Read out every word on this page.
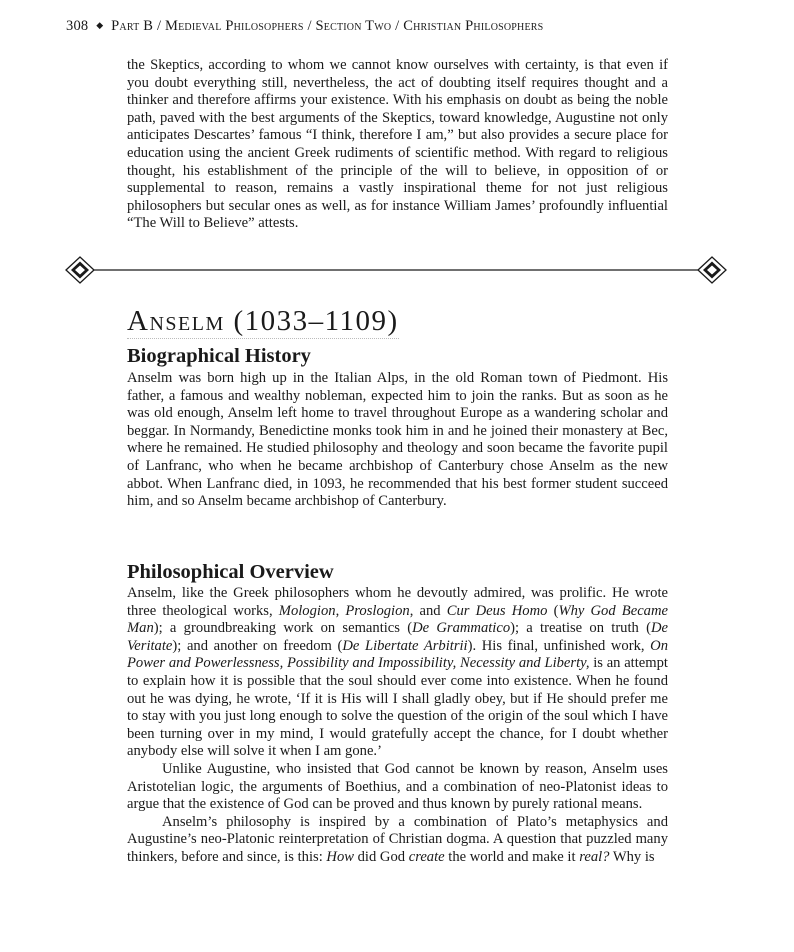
308 ◆ Part B / Medieval Philosophers / Section Two / Christian Philosophers

the Skeptics, according to whom we cannot know ourselves with certainty, is that even if you doubt everything still, nevertheless, the act of doubting itself requires thought and a thinker and therefore affirms your existence. With his emphasis on doubt as being the noble path, paved with the best arguments of the Skeptics, toward knowledge, Augustine not only anticipates Descartes’ famous “I think, therefore I am,” but also provides a secure place for education using the ancient Greek rudiments of scientific method. With regard to religious thought, his establishment of the principle of the will to believe, in opposition of or supplemental to reason, remains a vastly inspirational theme for not just religious philosophers but secular ones as well, as for instance William James’ profoundly influential “The Will to Believe” attests.

Anselm (1033–1109)
Biographical History

Anselm was born high up in the Italian Alps, in the old Roman town of Piedmont. His father, a famous and wealthy nobleman, expected him to join the ranks. But as soon as he was old enough, Anselm left home to travel throughout Europe as a wandering scholar and beggar. In Normandy, Benedictine monks took him in and he joined their monastery at Bec, where he remained. He studied philosophy and theology and soon became the favorite pupil of Lanfranc, who when he became archbishop of Canterbury chose Anselm as the new abbot. When Lanfranc died, in 1093, he recommended that his best former student succeed him, and so Anselm became archbishop of Canterbury.

Philosophical Overview

Anselm, like the Greek philosophers whom he devoutly admired, was prolific. He wrote three theological works, Mologion, Proslogion, and Cur Deus Homo (Why God Became Man); a groundbreaking work on semantics (De Grammatico); a treatise on truth (De Veritate); and another on freedom (De Libertate Arbitrii). His final, unfinished work, On Power and Powerlessness, Possibility and Impossibility, Necessity and Liberty, is an attempt to explain how it is possible that the soul should ever come into existence. When he found out he was dying, he wrote, ‘If it is His will I shall gladly obey, but if He should prefer me to stay with you just long enough to solve the question of the origin of the soul which I have been turning over in my mind, I would gratefully accept the chance, for I doubt whether anybody else will solve it when I am gone.’

Unlike Augustine, who insisted that God cannot be known by reason, Anselm uses Aristotelian logic, the arguments of Boethius, and a combination of neo-Platonist ideas to argue that the existence of God can be proved and thus known by purely rational means.

Anselm’s philosophy is inspired by a combination of Plato’s metaphysics and Augustine’s neo-Platonic reinterpretation of Christian dogma. A question that puzzled many thinkers, before and since, is this: How did God create the world and make it real? Why is
